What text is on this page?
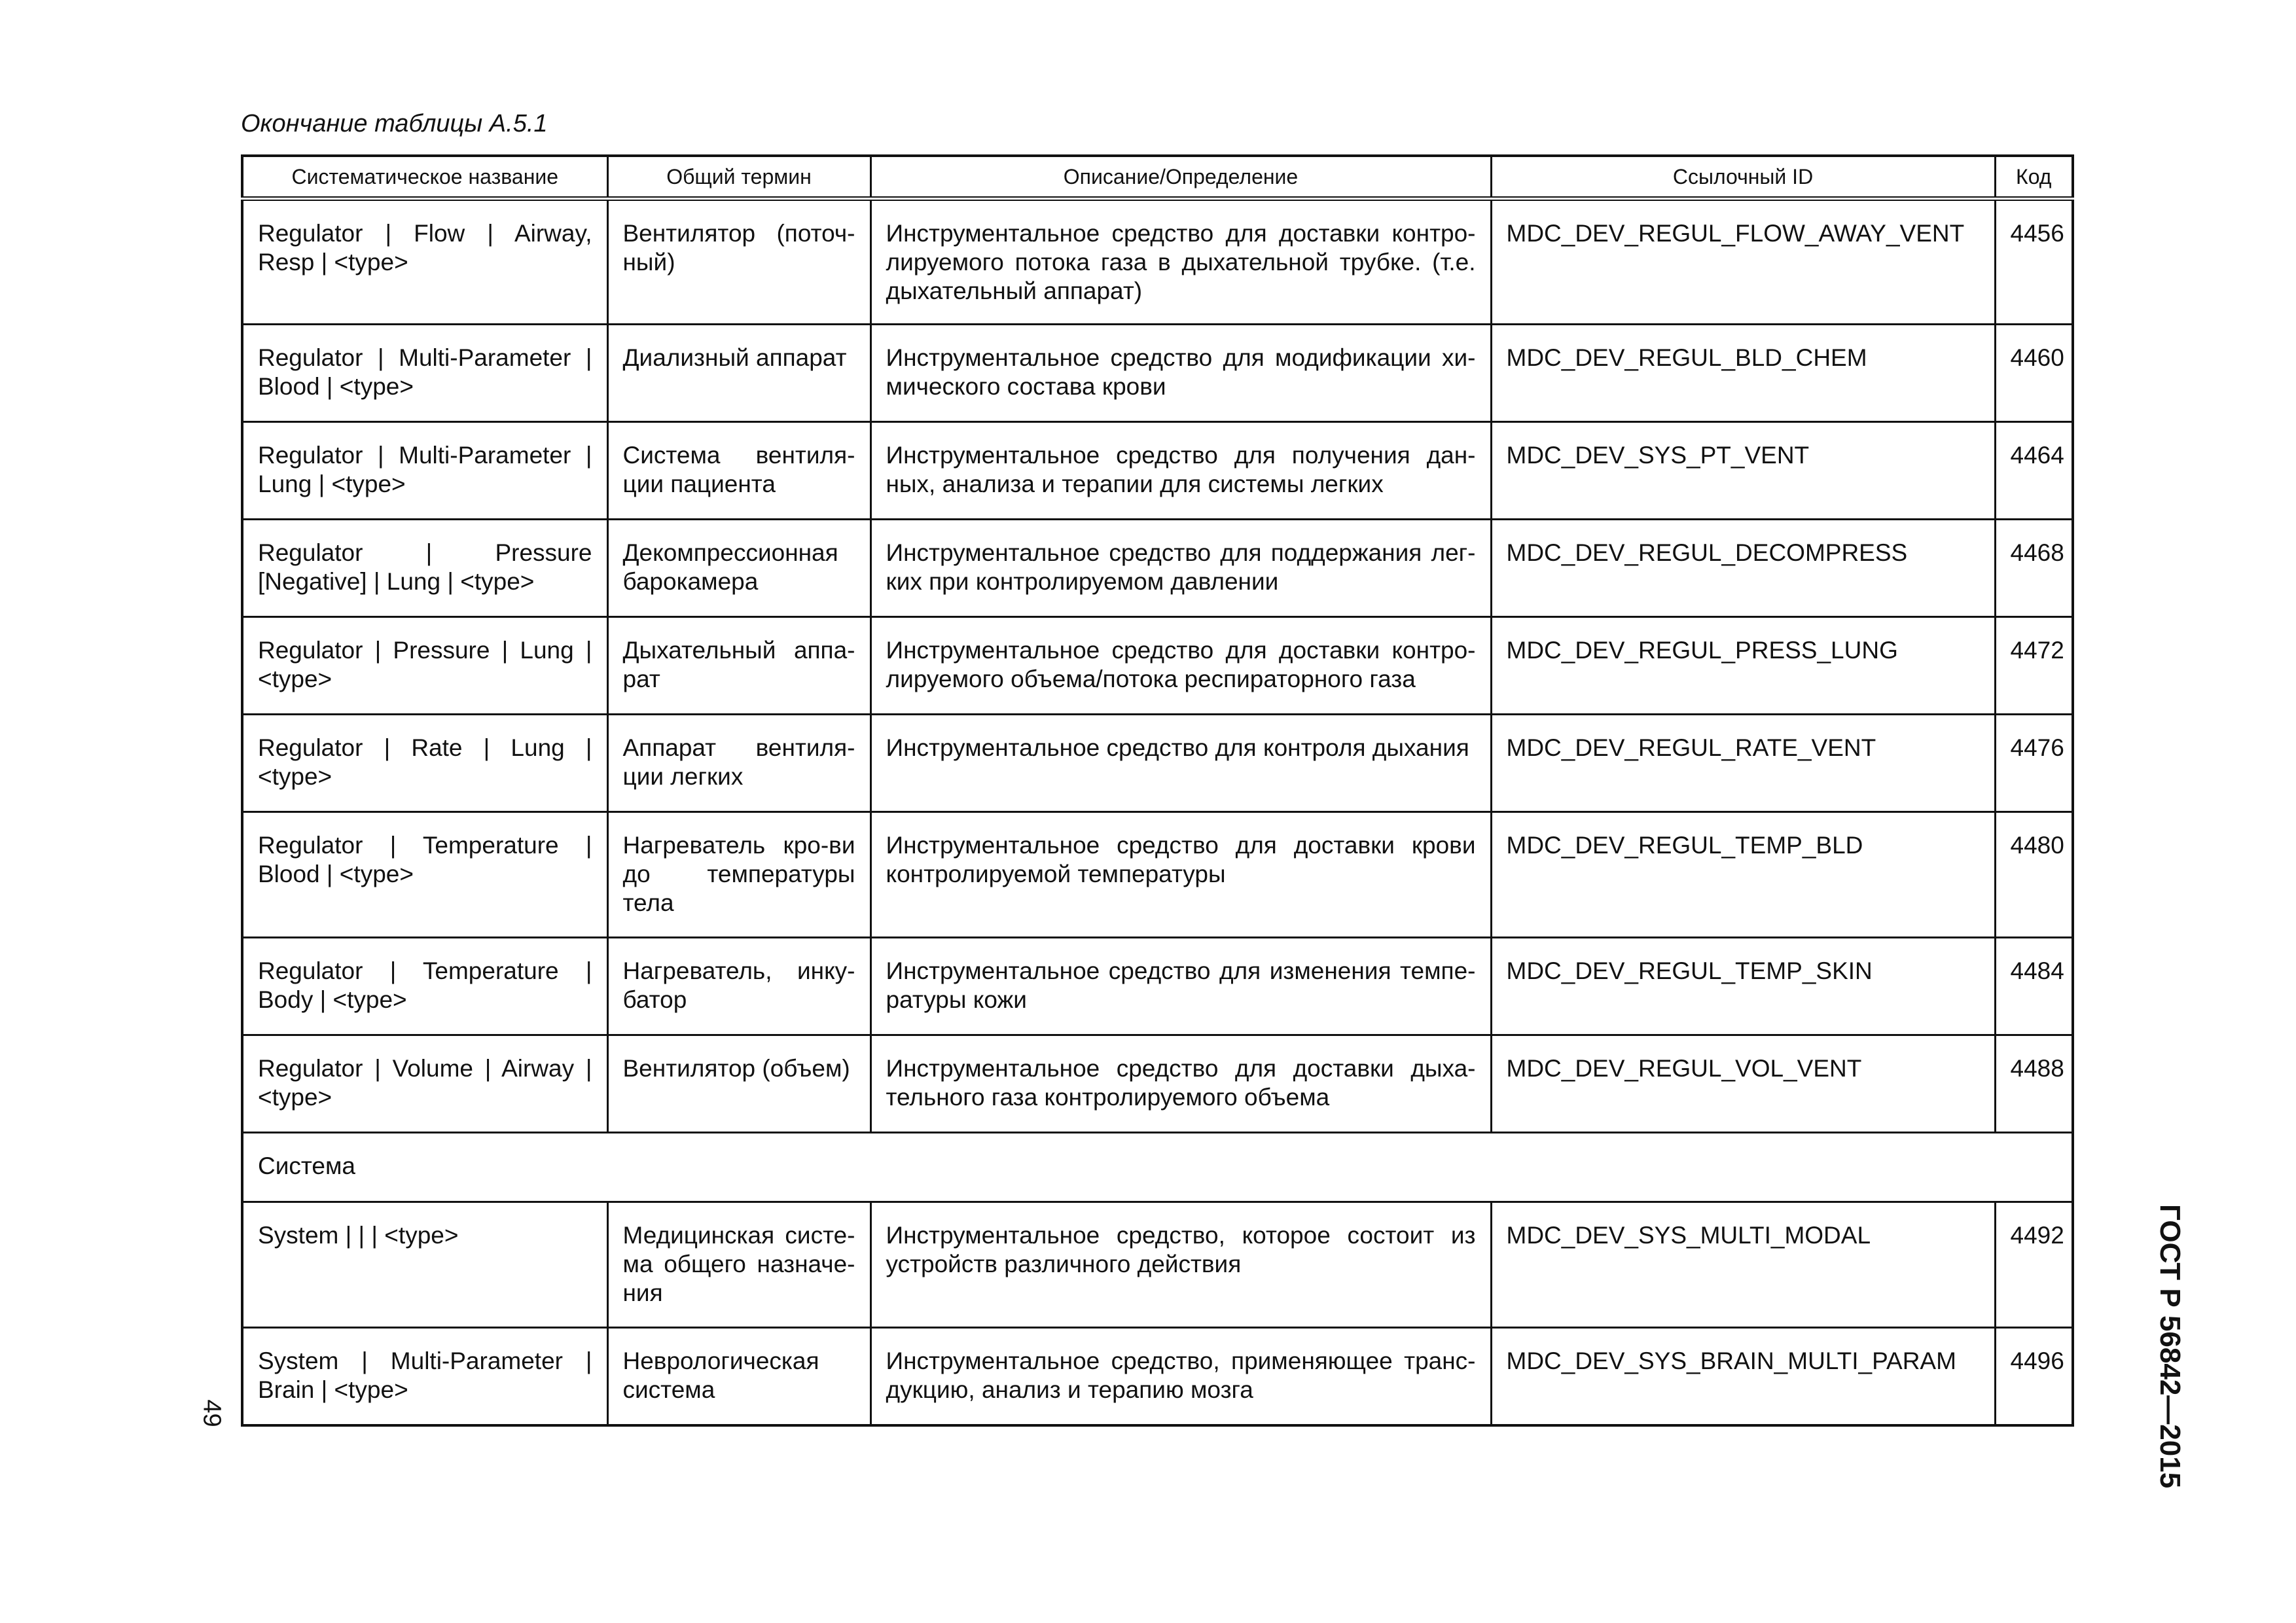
Окончание таблицы А.5.1
Систематическое название	Общий термин	Описание/Определение	Ссылочный ID	Код
Regulator | Flow | Airway, Resp | <type>	Вентилятор (поточ-ный)	Инструментальное средство для доставки контро-лируемого потока газа в дыхательной трубке. (т.е. дыхательный аппарат)	MDC_DEV_REGUL_FLOW_AWAY_VENT	4456
Regulator | Multi-Parameter | Blood | <type>	Диализный аппарат	Инструментальное средство для модификации хи-мического состава крови	MDC_DEV_REGUL_BLD_CHEM	4460
Regulator | Multi-Parameter | Lung | <type>	Система вентиля-ции пациента	Инструментальное средство для получения дан-ных, анализа и терапии для системы легких	MDC_DEV_SYS_PT_VENT	4464
Regulator | Pressure [Negative] | Lung | <type>	Декомпрессионная барокамера	Инструментальное средство для поддержания лег-ких при контролируемом давлении	MDC_DEV_REGUL_DECOMPRESS	4468
Regulator | Pressure | Lung | <type>	Дыхательный аппа-рат	Инструментальное средство для доставки контро-лируемого объема/потока респираторного газа	MDC_DEV_REGUL_PRESS_LUNG	4472
Regulator | Rate | Lung | <type>	Аппарат вентиля-ции легких	Инструментальное средство для контроля дыхания	MDC_DEV_REGUL_RATE_VENT	4476
Regulator | Temperature | Blood | <type>	Нагреватель кро-ви до температуры тела	Инструментальное средство для доставки крови контролируемой температуры	MDC_DEV_REGUL_TEMP_BLD	4480
Regulator | Temperature | Body | <type>	Нагреватель, инку-батор	Инструментальное средство для изменения темпе-ратуры кожи	MDC_DEV_REGUL_TEMP_SKIN	4484
Regulator | Volume | Airway | <type>	Вентилятор (объем)	Инструментальное средство для доставки дыха-тельного газа контролируемого объема	MDC_DEV_REGUL_VOL_VENT	4488
Система				
System | | | <type>	Медицинская систе-ма общего назначе-ния	Инструментальное средство, которое состоит из устройств различного действия	MDC_DEV_SYS_MULTI_MODAL	4492
System | Multi-Parameter | Brain | <type>	Неврологическая система	Инструментальное средство, применяющее транс-дукцию, анализ и терапию мозга	MDC_DEV_SYS_BRAIN_MULTI_PARAM	4496
49	ГОСТ Р 56842—2015
